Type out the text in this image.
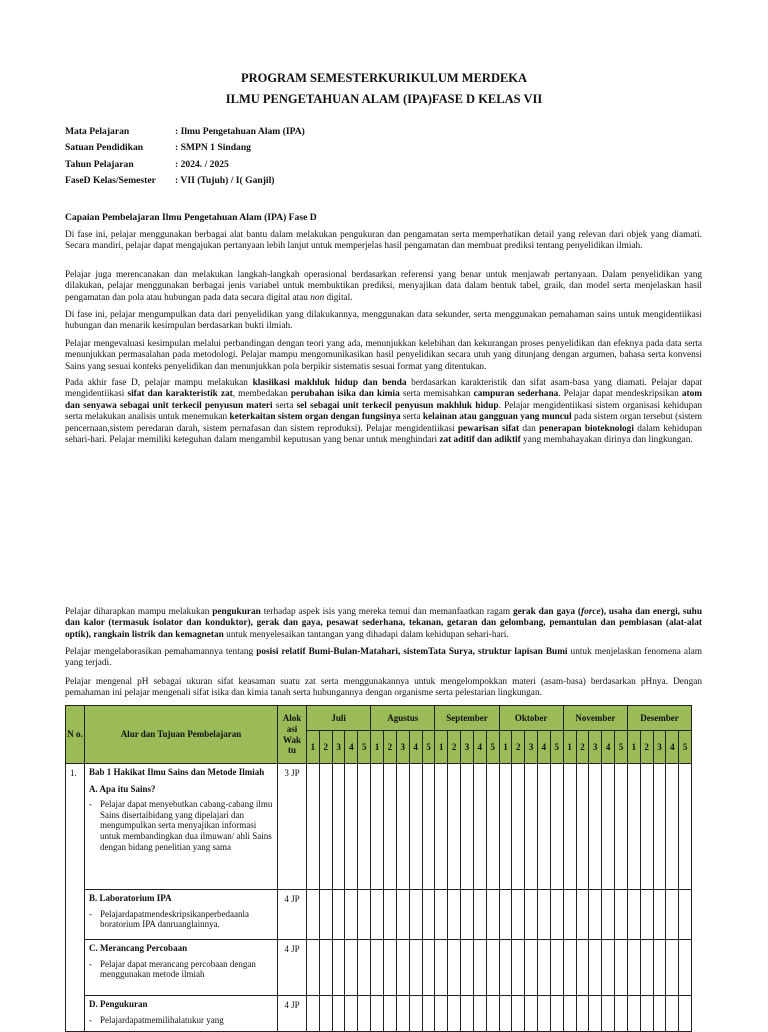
PROGRAM SEMESTERKURIKULUM MERDEKA
ILMU PENGETAHUAN ALAM (IPA)FASE D KELAS VII
Mata Pelajaran	: Ilmu Pengetahuan Alam (IPA)
Satuan Pendidikan	: SMPN 1 Sindang
Tahun Pelajaran	: 2024. / 2025
FaseD Kelas/Semester	: VII (Tujuh) / I( Ganjil)
Capaian Pembelajaran Ilmu Pengetahuan Alam (IPA) Fase D
Di fase ini, pelajar menggunakan berbagai alat bantu dalam melakukan pengukuran dan pengamatan serta memperhatikan detail yang relevan dari objek yang diamati. Secara mandiri, pelajar dapat mengajukan pertanyaan lebih lanjut untuk memperjelas hasil pengamatan dan membuat prediksi tentang penyelidikan ilmiah.
Pelajar juga merencanakan dan melakukan langkah-langkah operasional berdasarkan referensi yang benar untuk menjawab pertanyaan. Dalam penyelidikan yang dilakukan, pelajar menggunakan berbagai jenis variabel untuk membuktikan prediksi, menyajikan data dalam bentuk tabel, graik, dan model serta menjelaskan hasil pengamatan dan pola atau hubungan pada data secara digital atau non digital.
Di fase ini, pelajar mengumpulkan data dari penyelidikan yang dilakukannya, menggunakan data sekunder, serta menggunakan pemahaman sains untuk mengidentiikasi hubungan dan menarik kesimpulan berdasarkan bukti ilmiah.
Pelajar mengevaluasi kesimpulan melalui perbandingan dengan teori yang ada, menunjukkan kelebihan dan kekurangan proses penyelidikan dan efeknya pada data serta menunjukkan permasalahan pada metodologi. Pelajar mampu mengomunikasikan hasil penyelidikan secara utuh yang ditunjang dengan argumen, bahasa serta konvensi Sains yang sesuai konteks penyelidikan dan menunjukkan pola berpikir sistematis sesuai format yang ditentukan.
Pada akhir fase D, pelajar mampu melakukan klasiikasi makhluk hidup dan benda berdasarkan karakteristik dan sifat asam-basa yang diamati. Pelajar dapat mengidentiikasi sifat dan karakteristik zat, membedakan perubahan isika dan kimia serta memisahkan campuran sederhana. Pelajar dapat mendeskripsikan atom dan senyawa sebagai unit terkecil penyusun materi serta sel sebagai unit terkecil penyusun makhluk hidup. Pelajar mengidentiikasi sistem organisasi kehidupan serta melakukan analisis untuk menemukan keterkaitan sistem organ dengan fungsinya serta kelainan atau gangguan yang muncul pada sistem organ tersebut (sistem pencernaan,sistem peredaran darah, sistem pernafasan dan sistem reproduksi). Pelajar mengidentiikasi pewarisan sifat dan penerapan bioteknologi dalam kehidupan sehari-hari. Pelajar memiliki keteguhan dalam mengambil keputusan yang benar untuk menghindari zat aditif dan adiktif yang membahayakan dirinya dan lingkungan.
Pelajar diharapkan mampu melakukan pengukuran terhadap aspek isis yang mereka temui dan memanfaatkan ragam gerak dan gaya (force), usaha dan energi, suhu dan kalor (termasuk isolator dan konduktor), gerak dan gaya, pesawat sederhana, tekanan, getaran dan gelombang, pemantulan dan pembiasan (alat-alat optik), rangkain listrik dan kemagnetan untuk menyelesaikan tantangan yang dihadapi dalam kehidupan sehari-hari.
Pelajar mengelaborasikan pemahamannya tentang posisi relatif Bumi-Bulan-Matahari, sistemTata Surya, struktur lapisan Bumi untuk menjelaskan fenomena alam yang terjadi.
Pelajar mengenal pH sebagai ukuran sifat keasaman suatu zat serta menggunakannya untuk mengelompokkan materi (asam-basa) berdasarkan pHnya. Dengan pemahaman ini pelajar mengenali sifat isika dan kimia tanah serta hubungannya dengan organisme serta pelestarian lingkungan.
N o.	Alur dan Tujuan Pembelajaran	Alok asi Wak tu	Juli					Agustus					September					Oktober					November					Desember				
			1	2	3	4	5	1	2	3	4	5	1	2	3	4	5	1	2	3	4	5	1	2	3	4	5	1	2	3	4	5
1.	Bab 1 Hakikat Ilmu Sains dan Metode Ilmiah
A. Apa itu Sains?
- Pelajar dapat menyebutkan cabang-cabang ilmu Sains disertaibidang yang dipelajari dan mengumpulkan serta menyajikan informasi untuk membandingkan dua ilmuwan/ ahli Sains dengan bidang penelitian yang sama	3 JP																														

	B. Laboratorium IPA
- Pelajardapatmendeskripsikanperbedaanla boratorium IPA danruanglainnya.	4 JP																														

	C. Merancang Percobaan
- Pelajar dapat merancang percobaan dengan menggunakan metode ilmiah	4 JP																														

	D. Pengukuran
- Pelajardapatmemilihalatukur yang	4 JP																														
